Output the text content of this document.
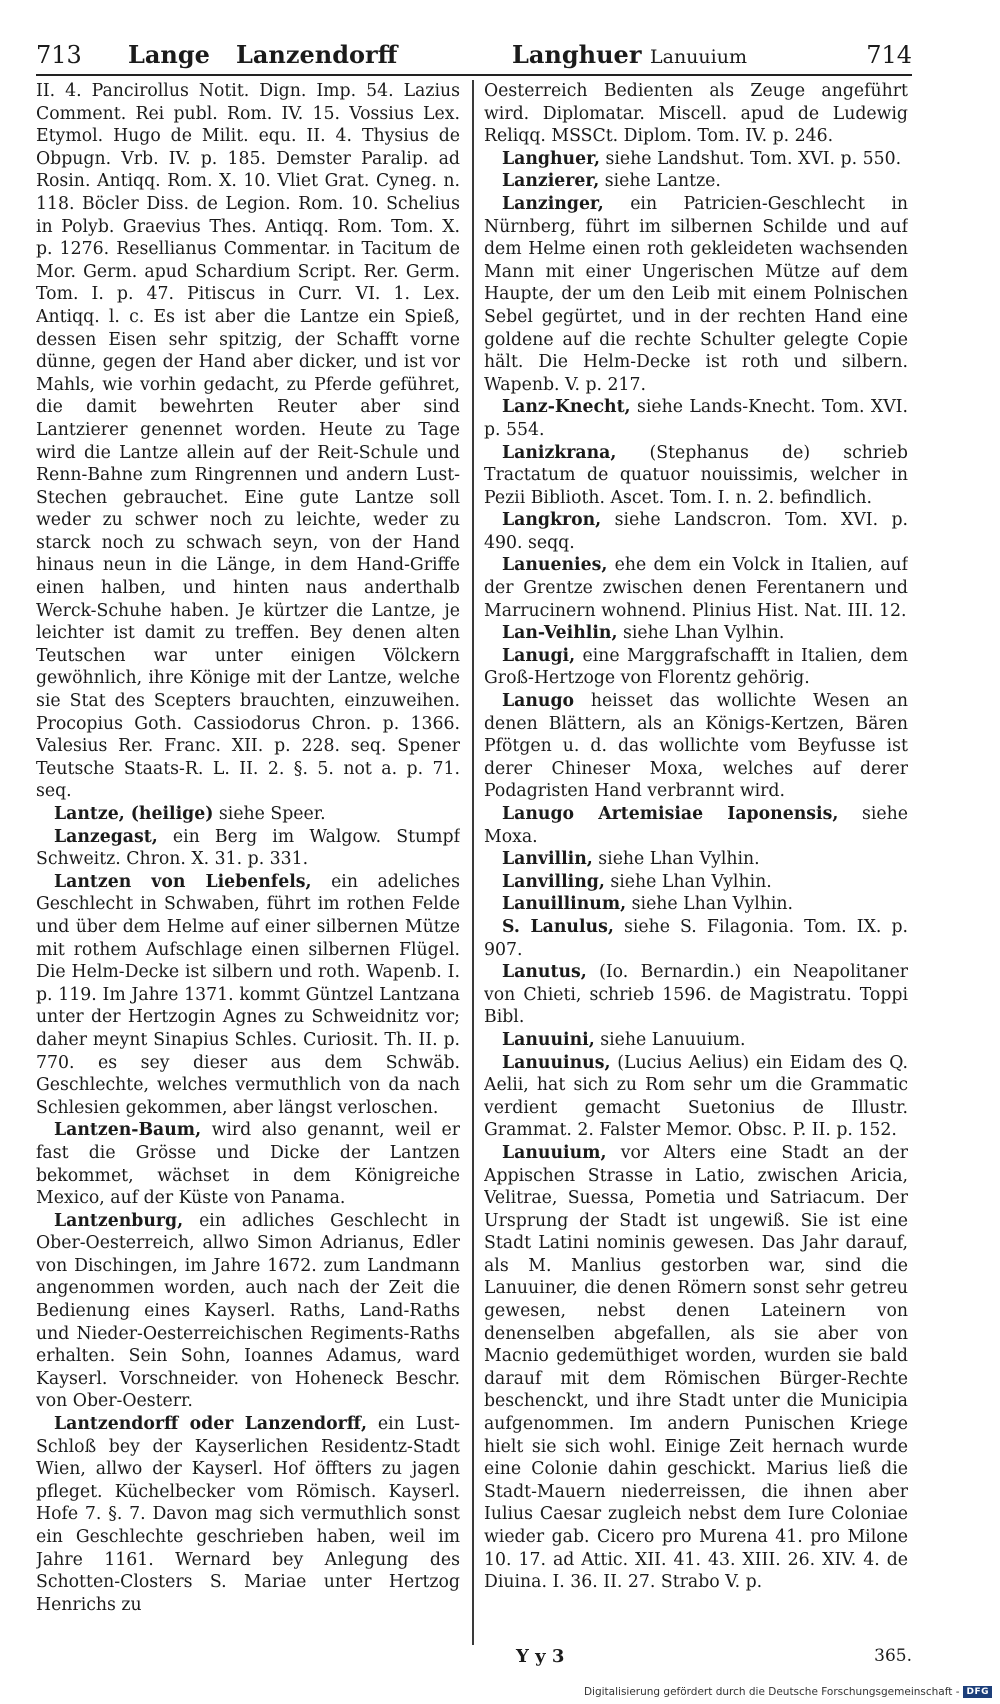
713 Lange Lanzendorff	Langhuer Lanuuium	714

II. 4. Pancirollus Notit. Dign. Imp. 54. Lazius Comment. Rei publ. Rom. IV. 15. Vossius Lex. Etymol. Hugo de Milit. equ. II. 4. Thysius de Obpugn. Vrb. IV. p. 185. Demster Paralip. ad Rosin. Antiqq. Rom. X. 10. Vliet Grat. Cyneg. n. 118. Böcler Diss. de Legion. Rom. 10. Schelius in Polyb. Graevius Thes. Antiqq. Rom. Tom. X. p. 1276. Resellianus Commentar. in Tacitum de Mor. Germ. apud Schardium Script. Rer. Germ. Tom. I. p. 47. Pitiscus in Curr. VI. 1. Lex. Antiqq. l. c. Es ist aber die Lantze ein Spieß, dessen Eisen sehr spitzig, der Schafft vorne dünne, gegen der Hand aber dicker, und ist vor Mahls, wie vorhin gedacht, zu Pferde geführet, die damit bewehrten Reuter aber sind Lantzierer genennet worden. Heute zu Tage wird die Lantze allein auf der Reit-Schule und Renn-Bahne zum Ringrennen und andern Lust-Stechen gebrauchet. Eine gute Lantze soll weder zu schwer noch zu leichte, weder zu starck noch zu schwach seyn, von der Hand hinaus neun in die Länge, in dem Hand-Griffe einen halben, und hinten naus anderthalb Werck-Schuhe haben. Je kürtzer die Lantze, je leichter ist damit zu treffen. Bey denen alten Teutschen war unter einigen Völckern gewöhnlich, ihre Könige mit der Lantze, welche sie Stat des Scepters brauchten, einzuweihen. Procopius Goth. Cassiodorus Chron. p. 1366. Valesius Rer. Franc. XII. p. 228. seq. Spener Teutsche Staats-R. L. II. 2. §. 5. not a. p. 71. seq.

Lantze, (heilige) siehe Speer.

Lanzegast, ein Berg im Walgow. Stumpf Schweitz. Chron. X. 31. p. 331.

Lantzen von Liebenfels, ein adeliches Geschlecht in Schwaben, führt im rothen Felde und über dem Helme auf einer silbernen Mütze mit rothem Aufschlage einen silbernen Flügel. Die Helm-Decke ist silbern und roth. Wapenb. I. p. 119. Im Jahre 1371. kommt Güntzel Lantzana unter der Hertzogin Agnes zu Schweidnitz vor; daher meynt Sinapius Schles. Curiosit. Th. II. p. 770. es sey dieser aus dem Schwäb. Geschlechte, welches vermuthlich von da nach Schlesien gekommen, aber längst verloschen.

Lantzen-Baum, wird also genannt, weil er fast die Grösse und Dicke der Lantzen bekommet, wächset in dem Königreiche Mexico, auf der Küste von Panama.

Lantzenburg, ein adliches Geschlecht in Ober-Oesterreich, allwo Simon Adrianus, Edler von Dischingen, im Jahre 1672. zum Landmann angenommen worden, auch nach der Zeit die Bedienung eines Kayserl. Raths, Land-Raths und Nieder-Oesterreichischen Regiments-Raths erhalten. Sein Sohn, Ioannes Adamus, ward Kayserl. Vorschneider. von Hoheneck Beschr. von Ober-Oesterr.

Lantzendorff oder Lanzendorff, ein Lust-Schloß bey der Kayserlichen Residentz-Stadt Wien, allwo der Kayserl. Hof öffters zu jagen pfleget. Küchelbecker vom Römisch. Kayserl. Hofe 7. §. 7. Davon mag sich vermuthlich sonst ein Geschlechte geschrieben haben, weil im Jahre 1161. Wernard bey Anlegung des Schotten-Closters S. Mariae unter Hertzog Henrichs zu

Oesterreich Bedienten als Zeuge angeführt wird. Diplomatar. Miscell. apud de Ludewig Reliqq. MSSCt. Diplom. Tom. IV. p. 246.

Langhuer, siehe Landshut. Tom. XVI. p. 550.

Lanzierer, siehe Lantze.

Lanzinger, ein Patricien-Geschlecht in Nürnberg, führt im silbernen Schilde und auf dem Helme einen roth gekleideten wachsenden Mann mit einer Ungerischen Mütze auf dem Haupte, der um den Leib mit einem Polnischen Sebel gegürtet, und in der rechten Hand eine goldene auf die rechte Schulter gelegte Copie hält. Die Helm-Decke ist roth und silbern. Wapenb. V. p. 217.

Lanz-Knecht, siehe Lands-Knecht. Tom. XVI. p. 554.

Lanizkrana, (Stephanus de) schrieb Tractatum de quatuor nouissimis, welcher in Pezii Biblioth. Ascet. Tom. I. n. 2. befindlich.

Langkron, siehe Landscron. Tom. XVI. p. 490. seqq.

Lanuenies, ehe dem ein Volck in Italien, auf der Grentze zwischen denen Ferentanern und Marrucinern wohnend. Plinius Hist. Nat. III. 12.

Lan-Veihlin, siehe Lhan Vylhin.

Lanugi, eine Marggrafschafft in Italien, dem Groß-Hertzoge von Florentz gehörig.

Lanugo heisset das wollichte Wesen an denen Blättern, als an Königs-Kertzen, Bären Pfötgen u. d. das wollichte vom Beyfusse ist derer Chineser Moxa, welches auf derer Podagristen Hand verbrannt wird.

Lanugo Artemisiae Iaponensis, siehe Moxa.

Lanvillin, siehe Lhan Vylhin.

Lanvilling, siehe Lhan Vylhin.

Lanuillinum, siehe Lhan Vylhin.

S. Lanulus, siehe S. Filagonia. Tom. IX. p. 907.

Lanutus, (Io. Bernardin.) ein Neapolitaner von Chieti, schrieb 1596. de Magistratu. Toppi Bibl.

Lanuuini, siehe Lanuuium.

Lanuuinus, (Lucius Aelius) ein Eidam des Q. Aelii, hat sich zu Rom sehr um die Grammatic verdient gemacht Suetonius de Illustr. Grammat. 2. Falster Memor. Obsc. P. II. p. 152.

Lanuuium, vor Alters eine Stadt an der Appischen Strasse in Latio, zwischen Aricia, Velitrae, Suessa, Pometia und Satriacum. Der Ursprung der Stadt ist ungewiß. Sie ist eine Stadt Latini nominis gewesen. Das Jahr darauf, als M. Manlius gestorben war, sind die Lanuuiner, die denen Römern sonst sehr getreu gewesen, nebst denen Lateinern von denenselben abgefallen, als sie aber von Macnio gedemüthiget worden, wurden sie bald darauf mit dem Römischen Bürger-Rechte beschenckt, und ihre Stadt unter die Municipia aufgenommen. Im andern Punischen Kriege hielt sie sich wohl. Einige Zeit hernach wurde eine Colonie dahin geschickt. Marius ließ die Stadt-Mauern niederreissen, die ihnen aber Iulius Caesar zugleich nebst dem Iure Coloniae wieder gab. Cicero pro Murena 41. pro Milone 10. 17. ad Attic. XII. 41. 43. XIII. 26. XIV. 4. de Diuina. I. 36. II. 27. Strabo V. p.

Y y 3	365.
Digitalisierung gefördert durch die Deutsche Forschungsgemeinschaft - DFG
